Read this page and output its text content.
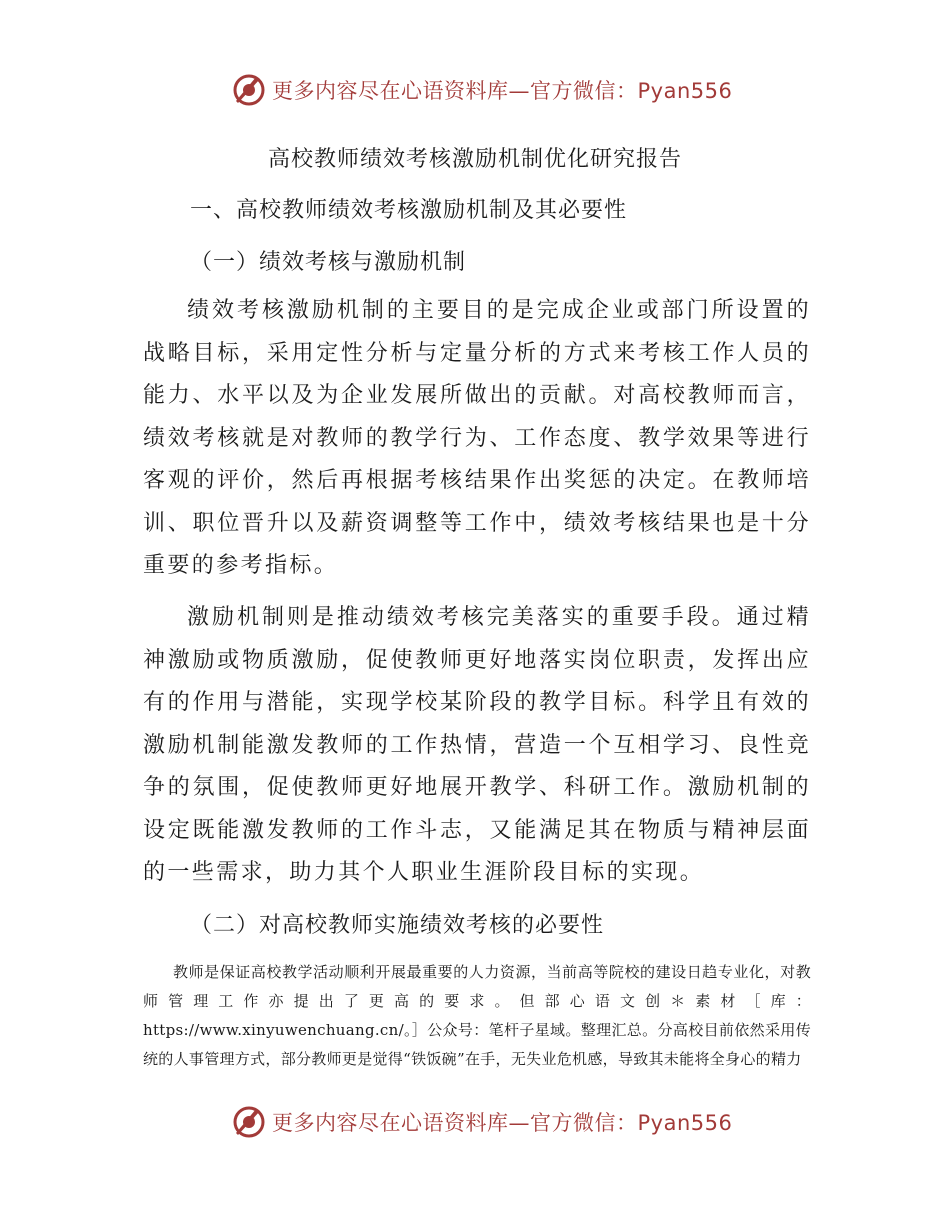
更多内容尽在心语资料库—官方微信：Pyan556
高校教师绩效考核激励机制优化研究报告
一、高校教师绩效考核激励机制及其必要性
（一）绩效考核与激励机制
绩效考核激励机制的主要目的是完成企业或部门所设置的战略目标，采用定性分析与定量分析的方式来考核工作人员的能力、水平以及为企业发展所做出的贡献。对高校教师而言，绩效考核就是对教师的教学行为、工作态度、教学效果等进行客观的评价，然后再根据考核结果作出奖惩的决定。在教师培训、职位晋升以及薪资调整等工作中，绩效考核结果也是十分重要的参考指标。
激励机制则是推动绩效考核完美落实的重要手段。通过精神激励或物质激励，促使教师更好地落实岗位职责，发挥出应有的作用与潜能，实现学校某阶段的教学目标。科学且有效的激励机制能激发教师的工作热情，营造一个互相学习、良性竞争的氛围，促使教师更好地展开教学、科研工作。激励机制的设定既能激发教师的工作斗志，又能满足其在物质与精神层面的一些需求，助力其个人职业生涯阶段目标的实现。
（二）对高校教师实施绩效考核的必要性
教师是保证高校教学活动顺利开展最重要的人力资源，当前高等院校的建设日趋专业化，对教师管理工作亦提出了更高的要求。但部心语文创＊素材［库：https://www.xinyuwenchuang.cn/。］公众号：笔杆子星域。整理汇总。分高校目前依然采用传统的人事管理方式，部分教师更是觉得“铁饭碗”在手，无失业危机感，导致其未能将全身心的精力
更多内容尽在心语资料库—官方微信：Pyan556
